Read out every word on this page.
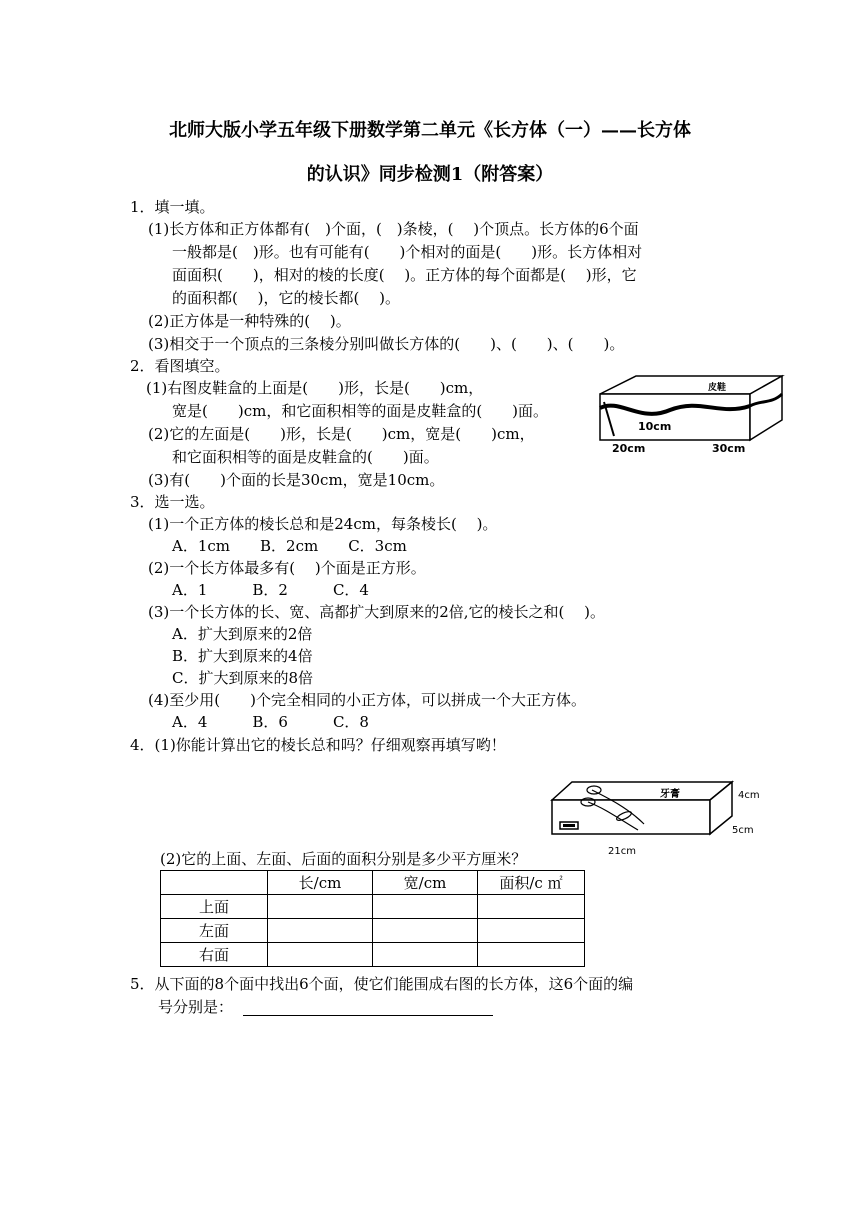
北师大版小学五年级下册数学第二单元《长方体（一）——长方体
的认识》同步检测1（附答案）
1．填一填。
(1)长方体和正方体都有(　)个面，(　)条棱，(　 )个顶点。长方体的6个面
一般都是(　)形。也有可能有(　　)个相对的面是(　　)形。长方体相对
面面积(　　)，相对的棱的长度(　 )。正方体的每个面都是(　 )形，它
的面积都(　 )，它的棱长都(　 )。
(2)正方体是一种特殊的(　 )。
(3)相交于一个顶点的三条棱分别叫做长方体的(　　)、(　　)、(　　)。
2．看图填空。
(1)右图皮鞋盒的上面是(　　)形，长是(　　)cm，
宽是(　　)cm，和它面积相等的面是皮鞋盒的(　　)面。
(2)它的左面是(　　)形，长是(　　)cm，宽是(　　)cm，
和它面积相等的面是皮鞋盒的(　　)面。
(3)有(　　)个面的长是30cm，宽是10cm。
皮鞋
10cm
20cm	30cm
3．选一选。
(1)一个正方体的棱长总和是24cm，每条棱长(　 )。
A．1cm　　B．2cm　　C．3cm
(2)一个长方体最多有(　 )个面是正方形。
A．1　　　B．2　　　C．4
(3)一个长方体的长、宽、高都扩大到原来的2倍,它的棱长之和(　 )。
A．扩大到原来的2倍
B．扩大到原来的4倍
C．扩大到原来的8倍
(4)至少用(　　)个完全相同的小正方体，可以拼成一个大正方体。
A．4　　　B．6　　　C．8
4．(1)你能计算出它的棱长总和吗？仔细观察再填写哟！
牙膏	4cm
5cm
21cm
(2)它的上面、左面、后面的面积分别是多少平方厘米？
	长/cm	宽/cm	面积/c ㎡
上面			
左面			
右面			
5．从下面的8个面中找出6个面，使它们能围成右图的长方体，这6个面的编
号分别是：
